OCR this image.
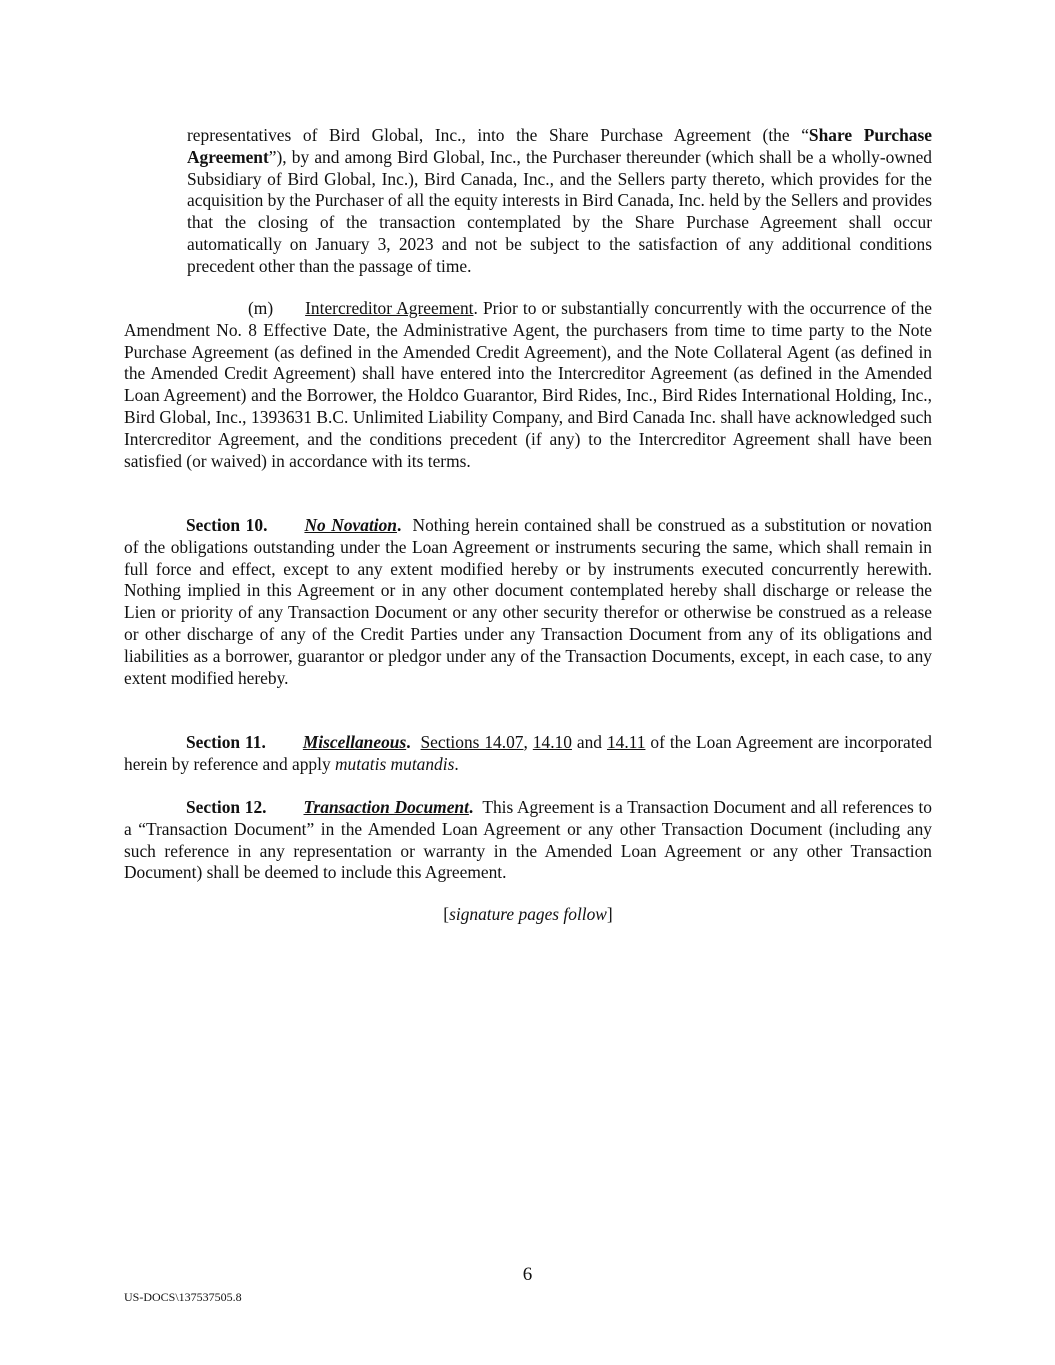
representatives of Bird Global, Inc., into the Share Purchase Agreement (the “Share Purchase Agreement”), by and among Bird Global, Inc., the Purchaser thereunder (which shall be a wholly-owned Subsidiary of Bird Global, Inc.), Bird Canada, Inc., and the Sellers party thereto, which provides for the acquisition by the Purchaser of all the equity interests in Bird Canada, Inc. held by the Sellers and provides that the closing of the transaction contemplated by the Share Purchase Agreement shall occur automatically on January 3, 2023 and not be subject to the satisfaction of any additional conditions precedent other than the passage of time.

(m) Intercreditor Agreement. Prior to or substantially concurrently with the occurrence of the Amendment No. 8 Effective Date, the Administrative Agent, the purchasers from time to time party to the Note Purchase Agreement (as defined in the Amended Credit Agreement), and the Note Collateral Agent (as defined in the Amended Credit Agreement) shall have entered into the Intercreditor Agreement (as defined in the Amended Loan Agreement) and the Borrower, the Holdco Guarantor, Bird Rides, Inc., Bird Rides International Holding, Inc., Bird Global, Inc., 1393631 B.C. Unlimited Liability Company, and Bird Canada Inc. shall have acknowledged such Intercreditor Agreement, and the conditions precedent (if any) to the Intercreditor Agreement shall have been satisfied (or waived) in accordance with its terms.

Section 10. No Novation. Nothing herein contained shall be construed as a substitution or novation of the obligations outstanding under the Loan Agreement or instruments securing the same, which shall remain in full force and effect, except to any extent modified hereby or by instruments executed concurrently herewith. Nothing implied in this Agreement or in any other document contemplated hereby shall discharge or release the Lien or priority of any Transaction Document or any other security therefor or otherwise be construed as a release or other discharge of any of the Credit Parties under any Transaction Document from any of its obligations and liabilities as a borrower, guarantor or pledgor under any of the Transaction Documents, except, in each case, to any extent modified hereby.

Section 11. Miscellaneous. Sections 14.07, 14.10 and 14.11 of the Loan Agreement are incorporated herein by reference and apply mutatis mutandis.

Section 12. Transaction Document. This Agreement is a Transaction Document and all references to a “Transaction Document” in the Amended Loan Agreement or any other Transaction Document (including any such reference in any representation or warranty in the Amended Loan Agreement or any other Transaction Document) shall be deemed to include this Agreement.

[signature pages follow]
6
US-DOCS\137537505.8
